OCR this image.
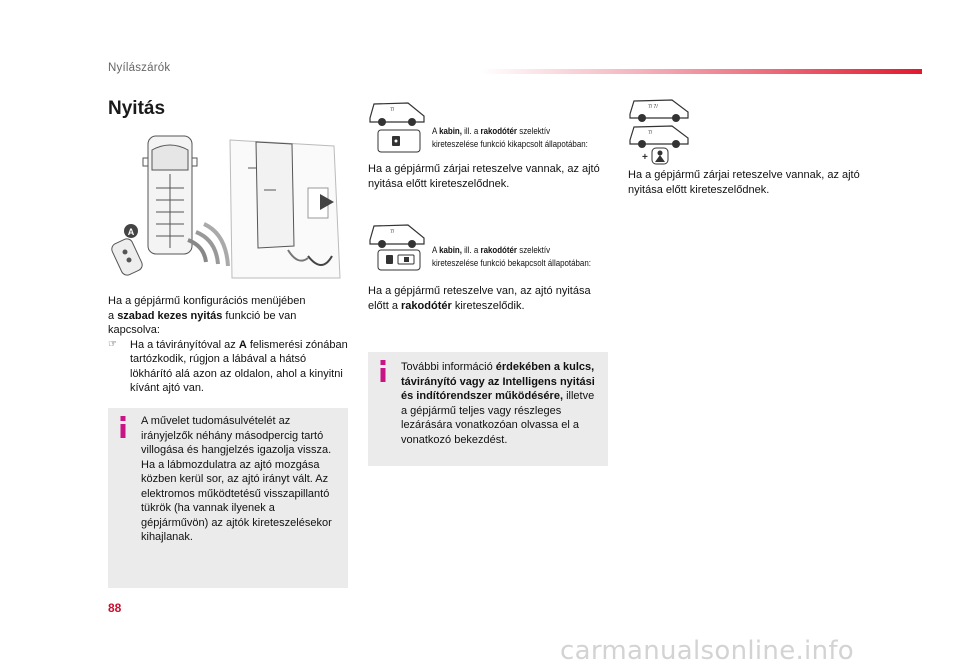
Nyílászárók
Nyitás
A
Ha a gépjármű konfigurációs menüjében
a szabad kezes nyitás funkció be van kapcsolva:
☞	Ha a távirányítóval az A felismerési zónában tartózkodik, rúgjon a lábával a hátsó lökhárító alá azon az oldalon, ahol a kinyitni kívánt ajtó van.
A művelet tudomásulvételét az irányjelzők néhány másodpercig tartó villogása és hangjelzés igazolja vissza. Ha a lábmozdulatra az ajtó mozgása közben kerül sor, az ajtó irányt vált. Az elektromos működtetésű visszapillantó tükrök (ha vannak ilyenek a gépjárművön) az ajtók kireteszelésekor kihajlanak.
7/
A kabin, ill. a rakodótér szelektív
kireteszelése funkció kikapcsolt állapotában:
Ha a gépjármű zárjai reteszelve vannak, az ajtó nyitása előtt kireteszelődnek.
7/
A kabin, ill. a rakodótér szelektív
kireteszelése funkció bekapcsolt állapotában:
Ha a gépjármű reteszelve van, az ajtó nyitása előtt a rakodótér kireteszelődik.
További információ érdekében a kulcs, távirányító vagy az Intelligens nyitási és indítórendszer működésére, illetve a gépjármű teljes vagy részleges lezárására vonatkozóan olvassa el a vonatkozó bekezdést.
7/ 7/
7/
+
Ha a gépjármű zárjai reteszelve vannak, az ajtó nyitása előtt kireteszelődnek.
88
carmanualsonline.info
